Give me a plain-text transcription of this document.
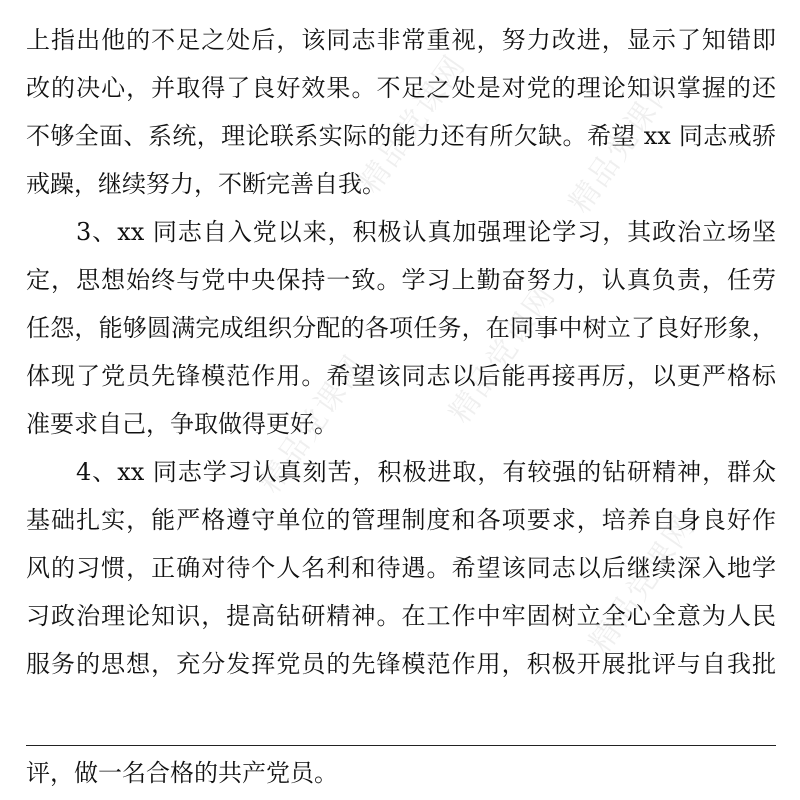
精品党课网	精品党课网
精品党课网 精品党课网
精品党课网
上指出他的不足之处后，该同志非常重视，努力改进，显示了知错即
改的决心，并取得了良好效果。不足之处是对党的理论知识掌握的还
不够全面、系统，理论联系实际的能力还有所欠缺。希望 xx 同志戒骄
戒躁，继续努力，不断完善自我。
3、xx 同志自入党以来，积极认真加强理论学习，其政治立场坚
定，思想始终与党中央保持一致。学习上勤奋努力，认真负责，任劳
任怨，能够圆满完成组织分配的各项任务，在同事中树立了良好形象，
体现了党员先锋模范作用。希望该同志以后能再接再厉，以更严格标
准要求自己，争取做得更好。
4、xx 同志学习认真刻苦，积极进取，有较强的钻研精神，群众
基础扎实，能严格遵守单位的管理制度和各项要求，培养自身良好作
风的习惯，正确对待个人名利和待遇。希望该同志以后继续深入地学
习政治理论知识，提高钻研精神。在工作中牢固树立全心全意为人民
服务的思想，充分发挥党员的先锋模范作用，积极开展批评与自我批
评，做一名合格的共产党员。
